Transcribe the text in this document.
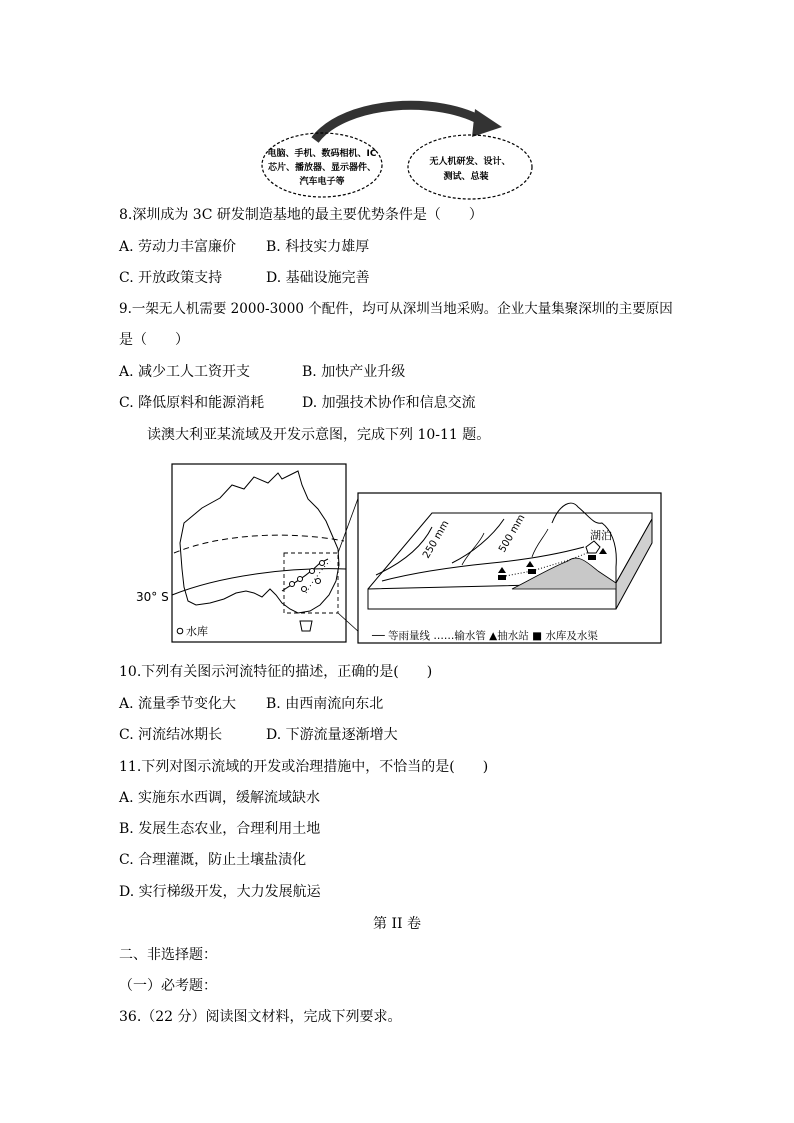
电脑、手机、数码相机、IC
芯片、播放器、显示器件、
汽车电子等
无人机研发、设计、
测试、总装
8.深圳成为 3C 研发制造基地的最主要优势条件是（　　）
A. 劳动力丰富廉价 B. 科技实力雄厚
C. 开放政策支持	D. 基础设施完善
9.一架无人机需要 2000-3000 个配件，均可从深圳当地采购。企业大量集聚深圳的主要原因
是（　　）
A. 减少工人工资开支	B. 加快产业升级
C. 降低原料和能源消耗	D. 加强技术协作和信息交流
读澳大利亚某流域及开发示意图，完成下列 10-11 题。
30° S
水库
250 mm	500 mm	湖泊
── 等雨量线 ……输水管 ▲抽水站 ■ 水库及水渠
10.下列有关图示河流特征的描述，正确的是(　　)
A. 流量季节变化大 B. 由西南流向东北
C. 河流结冰期长	D. 下游流量逐渐增大
11.下列对图示流域的开发或治理措施中，不恰当的是(　　)
A. 实施东水西调，缓解流域缺水
B. 发展生态农业，合理利用土地
C. 合理灌溉，防止土壤盐渍化
D. 实行梯级开发，大力发展航运
第 II 卷
二、非选择题：
（一）必考题：
36.（22 分）阅读图文材料，完成下列要求。
